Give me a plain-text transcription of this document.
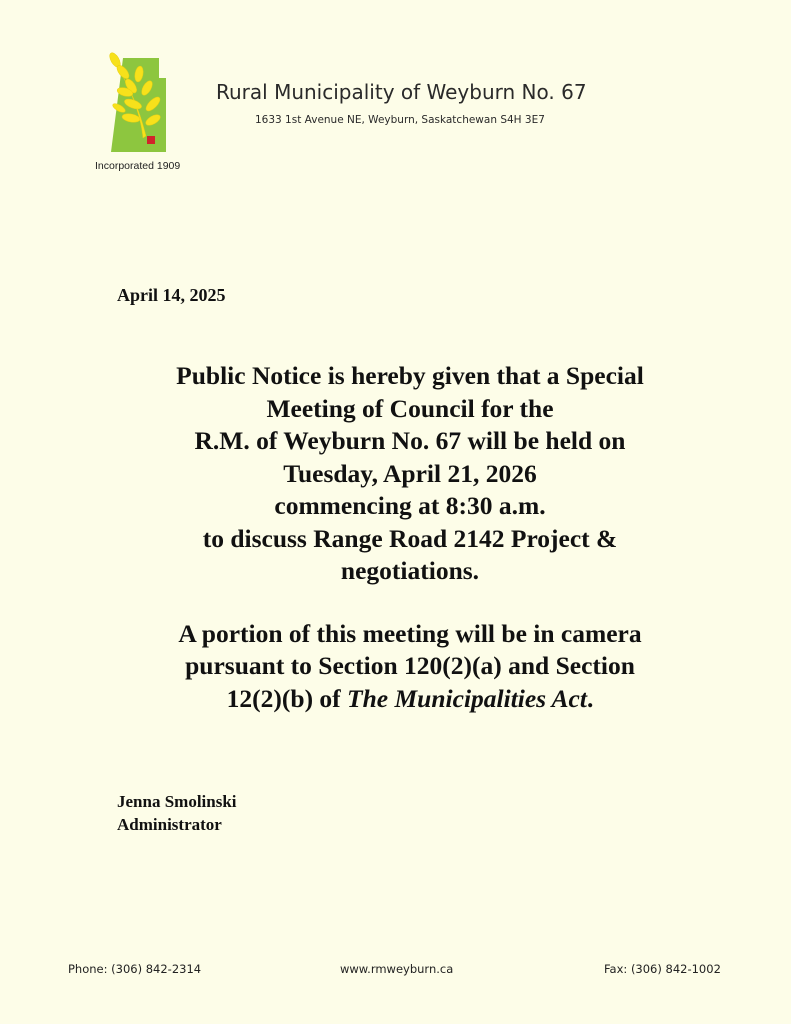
Incorporated 1909
Rural Municipality of Weyburn No. 67
1633 1st Avenue NE, Weyburn, Saskatchewan S4H 3E7
April 14, 2025
Public Notice is hereby given that a Special
Meeting of Council for the
R.M. of Weyburn No. 67 will be held on
Tuesday, April 21, 2026
commencing at 8:30 a.m.
to discuss Range Road 2142 Project &
negotiations.
A portion of this meeting will be in camera
pursuant to Section 120(2)(a) and Section
12(2)(b) of The Municipalities Act.
Jenna Smolinski
Administrator
Phone: (306) 842-2314	www.rmweyburn.ca	Fax: (306) 842-1002
